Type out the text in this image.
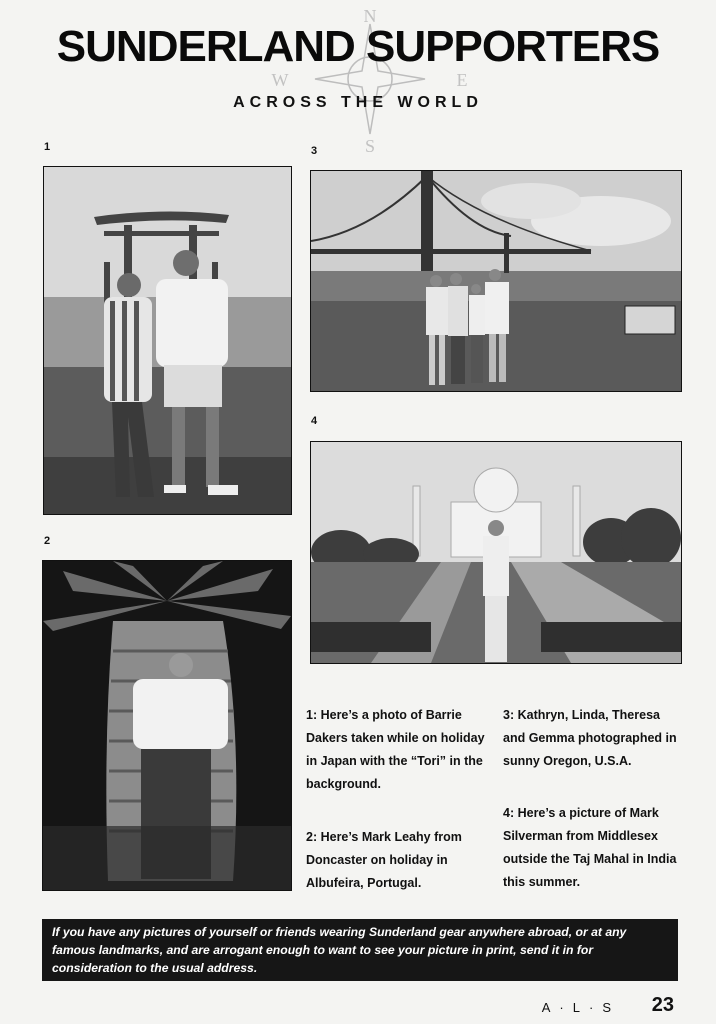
N
S
E
W
SUNDERLAND SUPPORTERS
ACROSS THE WORLD
1
2
3
4
1: Here’s a photo of Barrie Dakers taken while on holiday in Japan with the “Tori” in the background.
2: Here’s Mark Leahy from Doncaster on holiday in Albufeira, Portugal.
3: Kathryn, Linda, Theresa and Gemma photographed in sunny Oregon, U.S.A.
4: Here’s a picture of Mark Silverman from Middlesex outside the Taj Mahal in India this summer.
If you have any pictures of yourself or friends wearing Sunderland gear anywhere abroad, or at any famous landmarks, and are arrogant enough to want to see your picture in print, send it in for consideration to the usual address.
A·L·S 23
